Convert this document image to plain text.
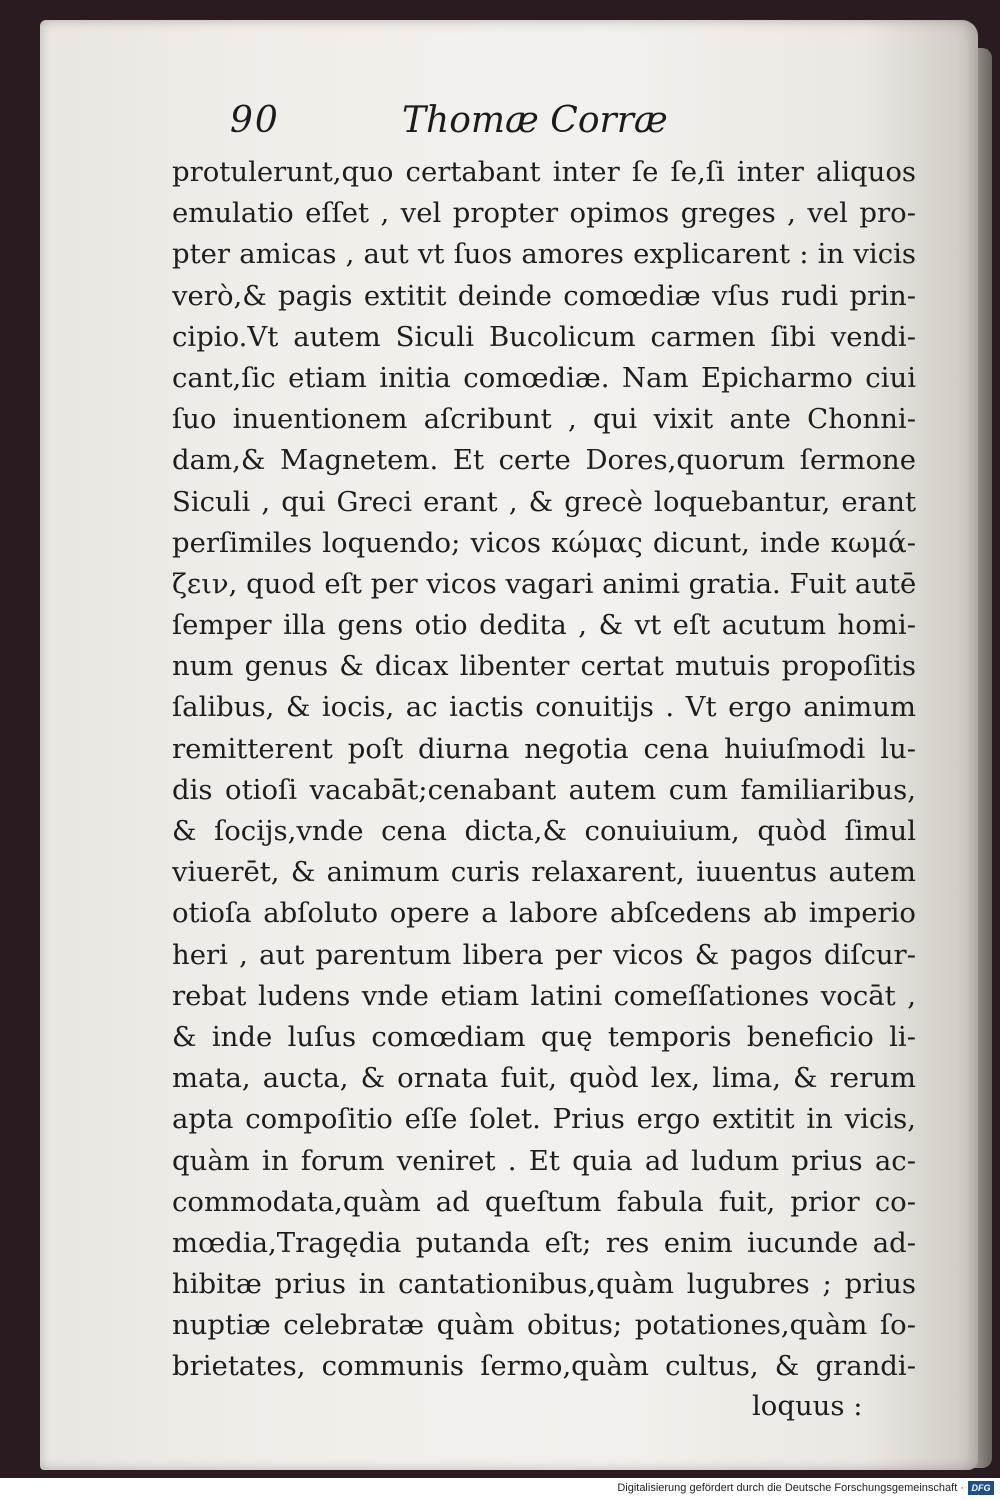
90	Thomæ Corræ
protulerunt,quo certabant inter ſe ſe,ſi inter aliquos
emulatio eſſet , vel propter opimos greges , vel pro-
pter amicas , aut vt ſuos amores explicarent : in vicis
verò,& pagis extitit deinde comœdiæ vſus rudi prin-
cipio.Vt autem Siculi Bucolicum carmen ſibi vendi-
cant,ſic etiam initia comœdiæ. Nam Epicharmo ciui
ſuo inuentionem aſcribunt , qui vixit ante Chonni-
dam,& Magnetem. Et certe Dores,quorum ſermone
Siculi , qui Greci erant , & grecè loquebantur, erant
perſimiles loquendo; vicos κώμας dicunt, inde κωμά-
ζειν, quod eſt per vicos vagari animi gratia. Fuit autē
ſemper illa gens otio dedita , & vt eſt acutum homi-
num genus & dicax libenter certat mutuis propoſitis
ſalibus, & iocis, ac iactis conuitijs . Vt ergo animum
remitterent poſt diurna negotia cena huiuſmodi lu-
dis otioſi vacabāt;cenabant autem cum familiaribus,
& ſocijs,vnde cena dicta,& conuiuium, quòd ſimul
viuerēt, & animum curis relaxarent, iuuentus autem
otioſa abſoluto opere a labore abſcedens ab imperio
heri , aut parentum libera per vicos & pagos diſcur-
rebat ludens vnde etiam latini comeſſationes vocāt ,
& inde luſus comœdiam quę temporis beneficio li-
mata, aucta, & ornata fuit, quòd lex, lima, & rerum
apta compoſitio eſſe ſolet. Prius ergo extitit in vicis,
quàm in forum veniret . Et quia ad ludum prius ac-
commodata,quàm ad queſtum fabula fuit, prior co-
mœdia,Tragędia putanda eſt; res enim iucunde ad-
hibitæ prius in cantationibus,quàm lugubres ; prius
nuptiæ celebratæ quàm obitus; potationes,quàm ſo-
brietates, communis ſermo,quàm cultus, & grandi-
loquus :
Digitalisierung gefördert durch die Deutsche Forschungsgemeinschaft · DFG
